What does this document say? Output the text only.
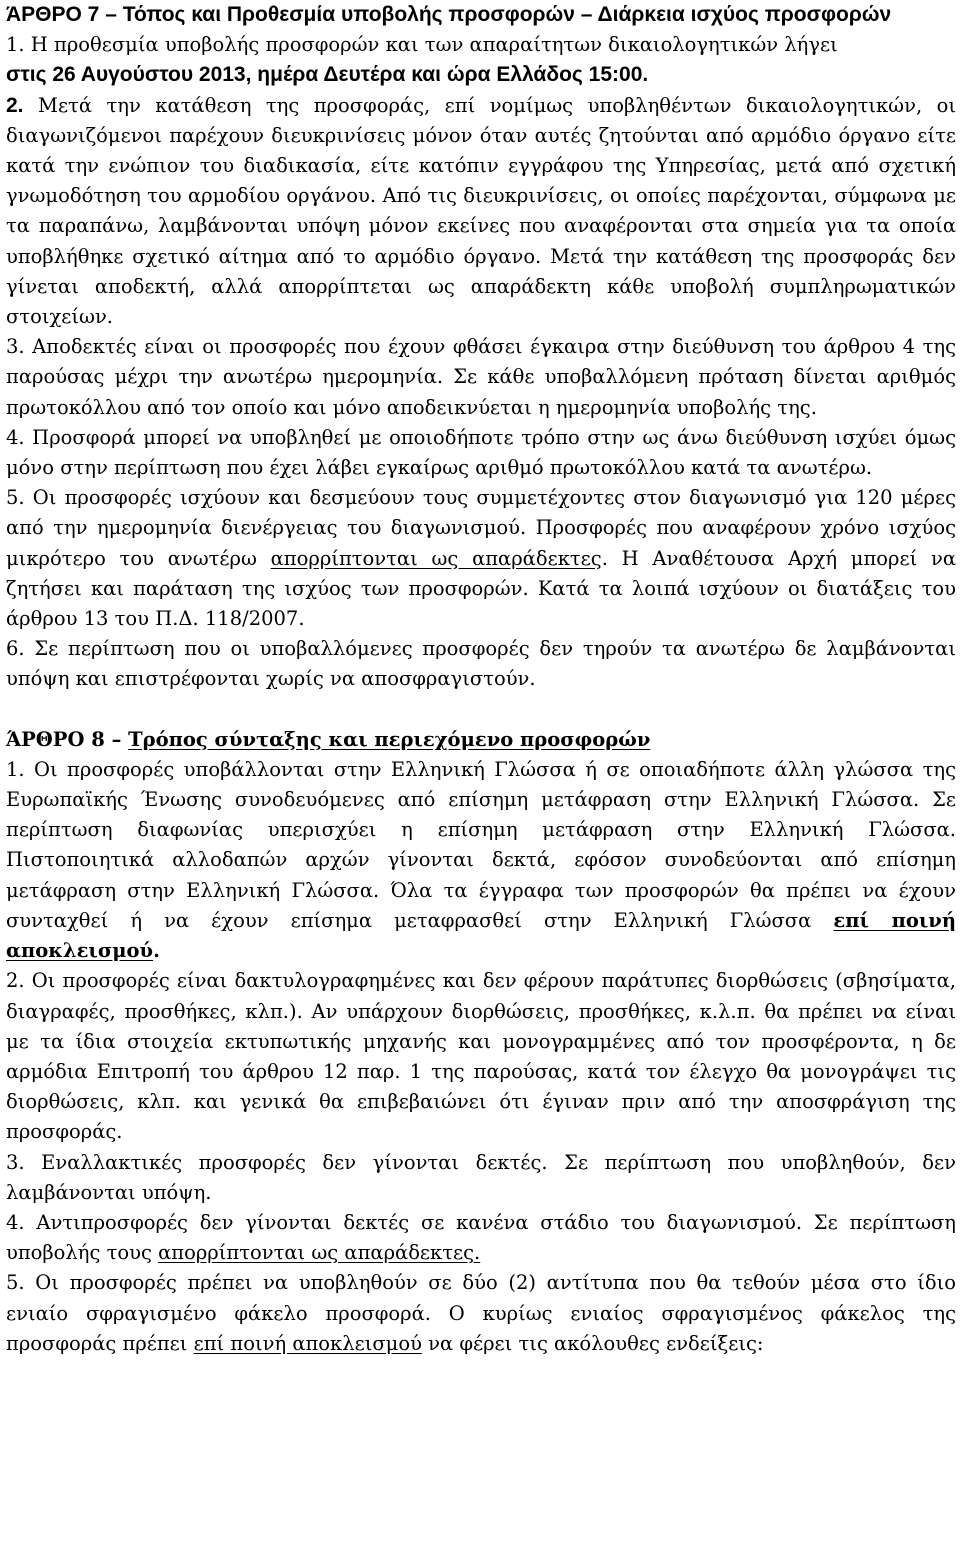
ΆΡΘΡΟ 7 – Τόπος και Προθεσμία υποβολής προσφορών – Διάρκεια ισχύος προσφορών

1. Η προθεσμία υποβολής προσφορών και των απαραίτητων δικαιολογητικών λήγει
στις 26 Αυγούστου 2013, ημέρα Δευτέρα και ώρα Ελλάδος 15:00.

2. Μετά την κατάθεση της προσφοράς, επί νομίμως υποβληθέντων δικαιολογητικών, οι διαγωνιζόμενοι παρέχουν διευκρινίσεις μόνον όταν αυτές ζητούνται από αρμόδιο όργανο είτε κατά την ενώπιον του διαδικασία, είτε κατόπιν εγγράφου της Υπηρεσίας, μετά από σχετική γνωμοδότηση του αρμοδίου οργάνου. Από τις διευκρινίσεις, οι οποίες παρέχονται, σύμφωνα με τα παραπάνω, λαμβάνονται υπόψη μόνον εκείνες που αναφέρονται στα σημεία για τα οποία υποβλήθηκε σχετικό αίτημα από το αρμόδιο όργανο. Μετά την κατάθεση της προσφοράς δεν γίνεται αποδεκτή, αλλά απορρίπτεται ως απαράδεκτη κάθε υποβολή συμπληρωματικών στοιχείων.

3. Αποδεκτές είναι οι προσφορές που έχουν φθάσει έγκαιρα στην διεύθυνση του άρθρου 4 της παρούσας μέχρι την ανωτέρω ημερομηνία. Σε κάθε υποβαλλόμενη πρόταση δίνεται αριθμός πρωτοκόλλου από τον οποίο και μόνο αποδεικνύεται η ημερομηνία υποβολής της.

4. Προσφορά μπορεί να υποβληθεί με οποιοδήποτε τρόπο στην ως άνω διεύθυνση ισχύει όμως μόνο στην περίπτωση που έχει λάβει εγκαίρως αριθμό πρωτοκόλλου κατά τα ανωτέρω.

5. Οι προσφορές ισχύουν και δεσμεύουν τους συμμετέχοντες στον διαγωνισμό για 120 μέρες από την ημερομηνία διενέργειας του διαγωνισμού. Προσφορές που αναφέρουν χρόνο ισχύος μικρότερο του ανωτέρω απορρίπτονται ως απαράδεκτες. Η Αναθέτουσα Αρχή μπορεί να ζητήσει και παράταση της ισχύος των προσφορών. Κατά τα λοιπά ισχύουν οι διατάξεις του άρθρου 13 του Π.Δ. 118/2007.

6. Σε περίπτωση που οι υποβαλλόμενες προσφορές δεν τηρούν τα ανωτέρω δε λαμβάνονται υπόψη και επιστρέφονται χωρίς να αποσφραγιστούν.

ΆΡΘΡΟ 8 – Τρόπος σύνταξης και περιεχόμενο προσφορών

1. Οι προσφορές υποβάλλονται στην Ελληνική Γλώσσα ή σε οποιαδήποτε άλλη γλώσσα της Ευρωπαϊκής Ένωσης συνοδευόμενες από επίσημη μετάφραση στην Ελληνική Γλώσσα. Σε περίπτωση διαφωνίας υπερισχύει η επίσημη μετάφραση στην Ελληνική Γλώσσα. Πιστοποιητικά αλλοδαπών αρχών γίνονται δεκτά, εφόσον συνοδεύονται από επίσημη μετάφραση στην Ελληνική Γλώσσα. Όλα τα έγγραφα των προσφορών θα πρέπει να έχουν συνταχθεί ή να έχουν επίσημα μεταφρασθεί στην Ελληνική Γλώσσα επί ποινή αποκλεισμού.

2. Οι προσφορές είναι δακτυλογραφημένες και δεν φέρουν παράτυπες διορθώσεις (σβησίματα, διαγραφές, προσθήκες, κλπ.). Αν υπάρχουν διορθώσεις, προσθήκες, κ.λ.π. θα πρέπει να είναι με τα ίδια στοιχεία εκτυπωτικής μηχανής και μονογραμμένες από τον προσφέροντα, η δε αρμόδια Επιτροπή του άρθρου 12 παρ. 1 της παρούσας, κατά τον έλεγχο θα μονογράψει τις διορθώσεις, κλπ. και γενικά θα επιβεβαιώνει ότι έγιναν πριν από την αποσφράγιση της προσφοράς.

3. Εναλλακτικές προσφορές δεν γίνονται δεκτές. Σε περίπτωση που υποβληθούν, δεν λαμβάνονται υπόψη.

4. Αντιπροσφορές δεν γίνονται δεκτές σε κανένα στάδιο του διαγωνισμού. Σε περίπτωση υποβολής τους απορρίπτονται ως απαράδεκτες.

5. Οι προσφορές πρέπει να υποβληθούν σε δύο (2) αντίτυπα που θα τεθούν μέσα στο ίδιο ενιαίο σφραγισμένο φάκελο προσφορά. Ο κυρίως ενιαίος σφραγισμένος φάκελος της προσφοράς πρέπει επί ποινή αποκλεισμού να φέρει τις ακόλουθες ενδείξεις:
